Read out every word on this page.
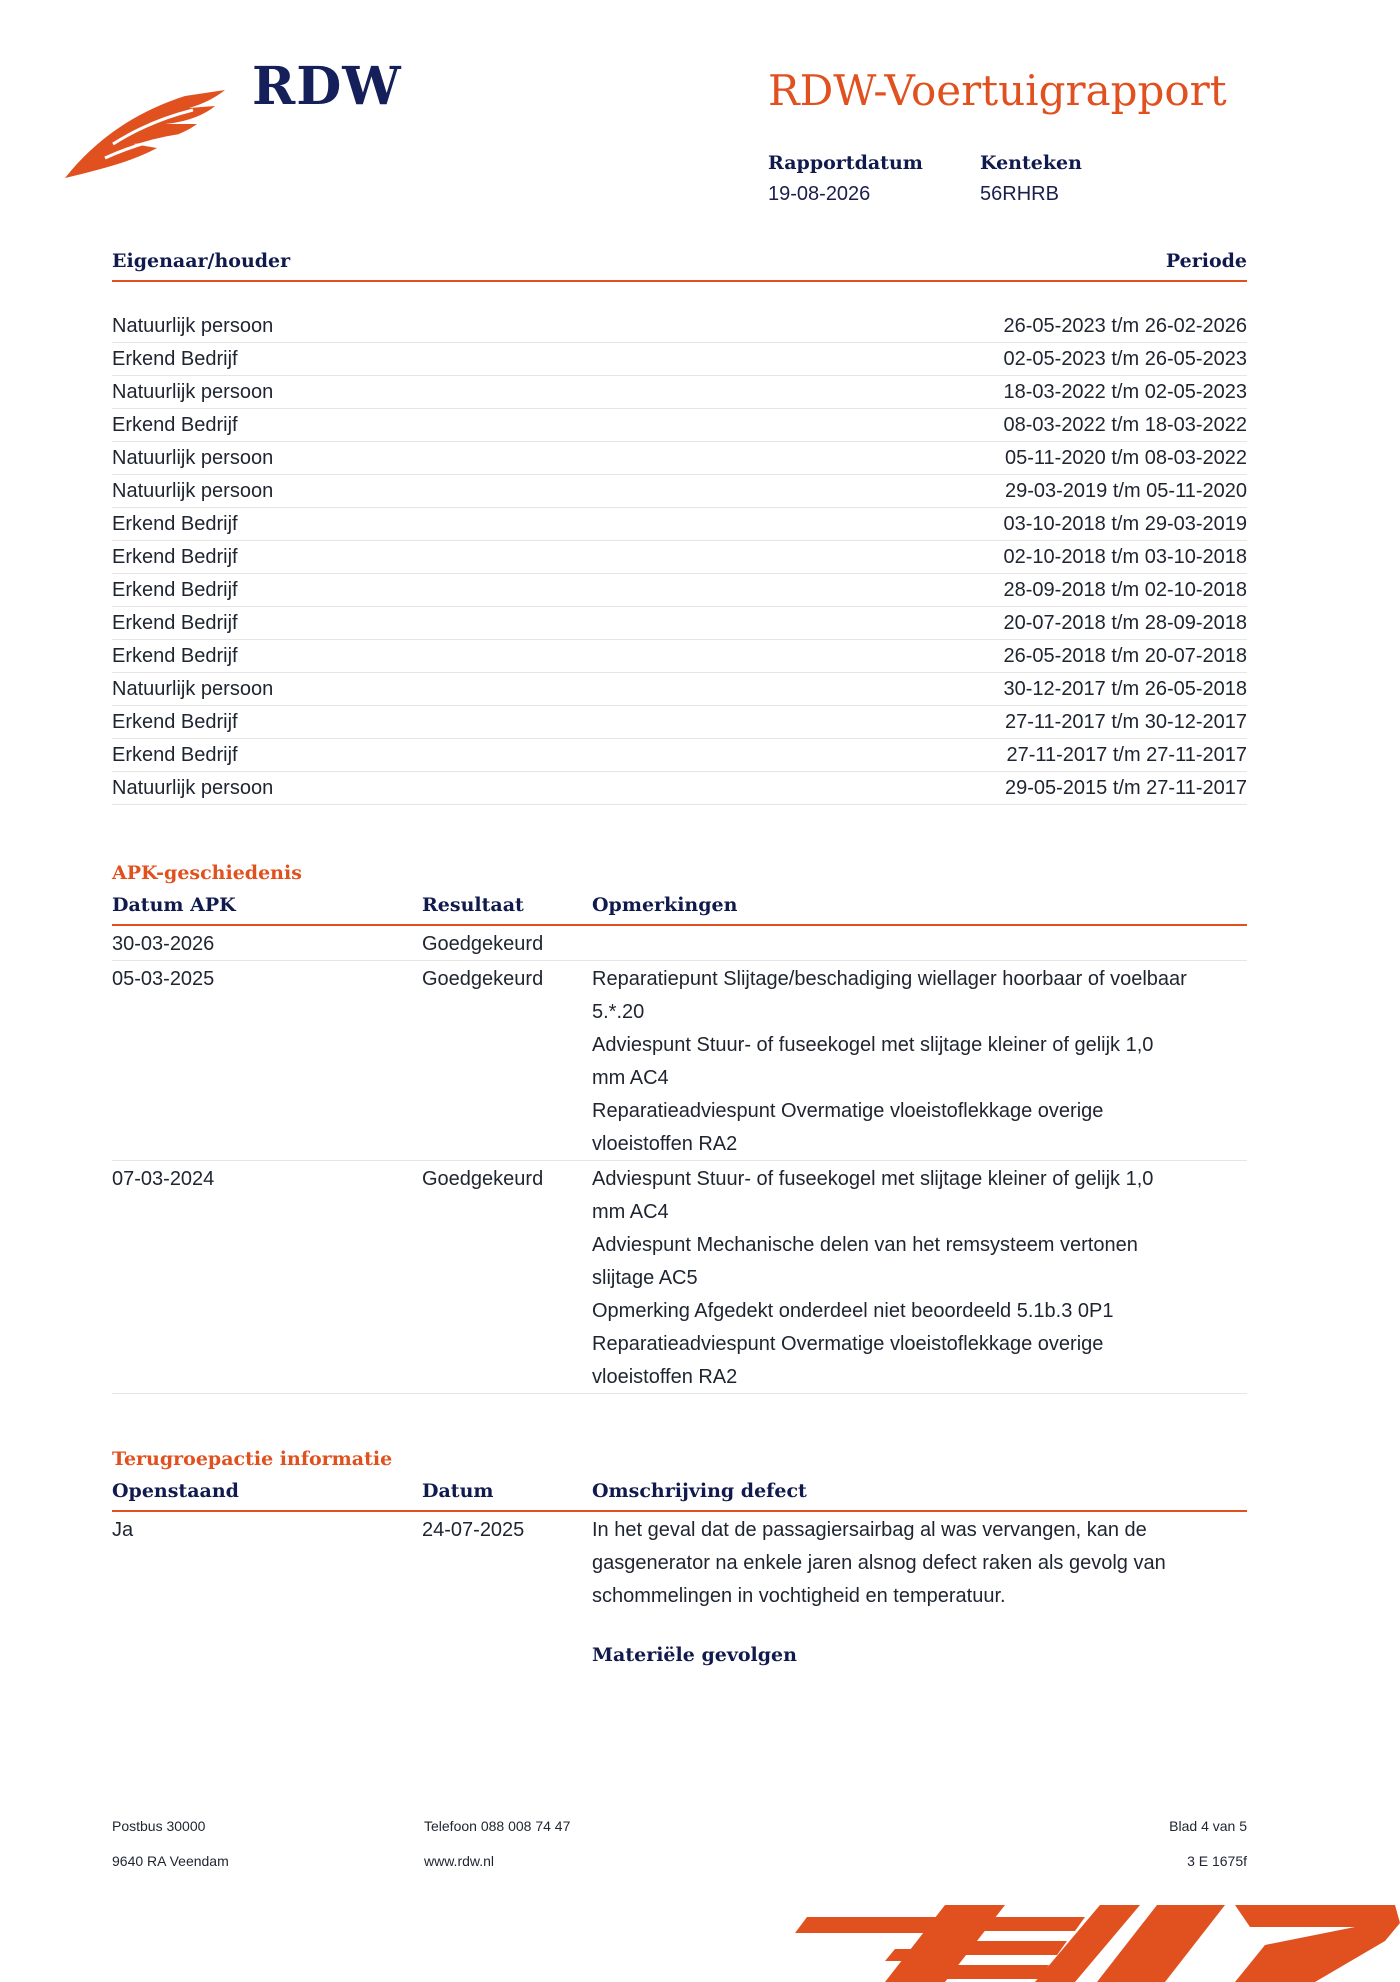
RDW	RDW-Voertuigrapport
Rapportdatum
19-08-2026
Kenteken
56RHRB
Eigenaar/houder	Periode
Natuurlijk persoon	26-05-2023 t/m 26-02-2026
Erkend Bedrijf	02-05-2023 t/m 26-05-2023
Natuurlijk persoon	18-03-2022 t/m 02-05-2023
Erkend Bedrijf	08-03-2022 t/m 18-03-2022
Natuurlijk persoon	05-11-2020 t/m 08-03-2022
Natuurlijk persoon	29-03-2019 t/m 05-11-2020
Erkend Bedrijf	03-10-2018 t/m 29-03-2019
Erkend Bedrijf	02-10-2018 t/m 03-10-2018
Erkend Bedrijf	28-09-2018 t/m 02-10-2018
Erkend Bedrijf	20-07-2018 t/m 28-09-2018
Erkend Bedrijf	26-05-2018 t/m 20-07-2018
Natuurlijk persoon	30-12-2017 t/m 26-05-2018
Erkend Bedrijf	27-11-2017 t/m 30-12-2017
Erkend Bedrijf	27-11-2017 t/m 27-11-2017
Natuurlijk persoon	29-05-2015 t/m 27-11-2017
APK-geschiedenis
Datum APK	Resultaat	Opmerkingen
30-03-2026	Goedgekeurd
05-03-2025	Goedgekeurd Reparatiepunt Slijtage/beschadiging wiellager hoorbaar of voelbaar
5.*.20
Adviespunt Stuur- of fuseekogel met slijtage kleiner of gelijk 1,0
mm AC4
Reparatieadviespunt Overmatige vloeistoflekkage overige
vloeistoffen RA2
07-03-2024	Goedgekeurd Adviespunt Stuur- of fuseekogel met slijtage kleiner of gelijk 1,0
mm AC4
Adviespunt Mechanische delen van het remsysteem vertonen
slijtage AC5
Opmerking Afgedekt onderdeel niet beoordeeld 5.1b.3 0P1
Reparatieadviespunt Overmatige vloeistoflekkage overige
vloeistoffen RA2
Terugroepactie informatie
Openstaand	Datum	Omschrijving defect
Ja	24-07-2025	In het geval dat de passagiersairbag al was vervangen, kan de
gasgenerator na enkele jaren alsnog defect raken als gevolg van
schommelingen in vochtigheid en temperatuur.
Materiële gevolgen
Postbus 30000
9640 RA Veendam
Telefoon 088 008 74 47
www.rdw.nl
Blad 4 van 5
3 E 1675f
